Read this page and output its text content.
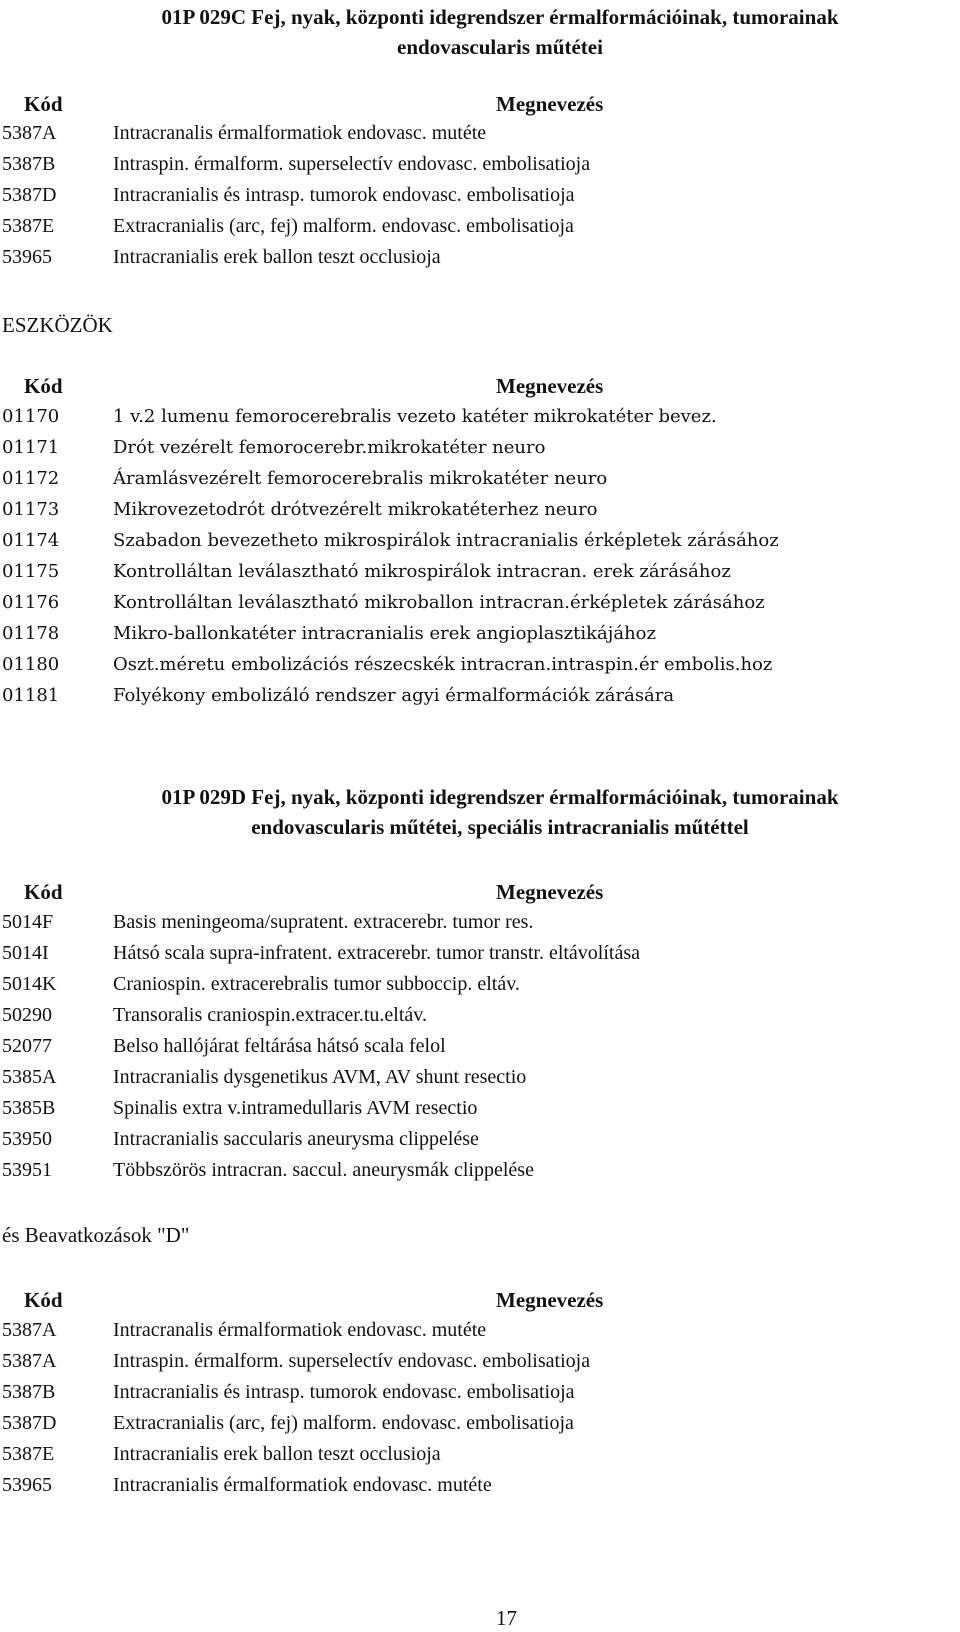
01P 029C Fej, nyak, központi idegrendszer érmalformációinak, tumorainak
endovascularis műtétei
Kód	Megnevezés
5387A	Intracranalis érmalformatiok endovasc. mutéte
5387B	Intraspin. érmalform. superselectív endovasc. embolisatioja
5387D	Intracranialis és intrasp. tumorok endovasc. embolisatioja
5387E	Extracranialis (arc, fej) malform. endovasc. embolisatioja
53965	Intracranialis erek ballon teszt occlusioja
ESZKÖZÖK
Kód	Megnevezés
01170	1 v.2 lumenu femorocerebralis vezeto katéter mikrokatéter bevez.
01171	Drót vezérelt femorocerebr.mikrokatéter neuro
01172	Áramlásvezérelt femorocerebralis mikrokatéter neuro
01173	Mikrovezetodrót drótvezérelt mikrokatéterhez neuro
01174	Szabadon bevezetheto mikrospirálok intracranialis érképletek zárásához
01175	Kontrolláltan leválasztható mikrospirálok intracran. erek zárásához
01176	Kontrolláltan leválasztható mikroballon intracran.érképletek zárásához
01178	Mikro-ballonkatéter intracranialis erek angioplasztikájához
01180	Oszt.méretu embolizációs részecskék intracran.intraspin.ér embolis.hoz
01181	Folyékony embolizáló rendszer agyi érmalformációk zárására
01P 029D Fej, nyak, központi idegrendszer érmalformációinak, tumorainak
endovascularis műtétei, speciális intracranialis műtéttel
Kód	Megnevezés
5014F	Basis meningeoma/supratent. extracerebr. tumor res.
5014I	Hátsó scala supra-infratent. extracerebr. tumor transtr. eltávolítása
5014K	Craniospin. extracerebralis tumor subboccip. eltáv.
50290	Transoralis craniospin.extracer.tu.eltáv.
52077	Belso hallójárat feltárása hátsó scala felol
5385A	Intracranialis dysgenetikus AVM, AV shunt resectio
5385B	Spinalis extra v.intramedullaris AVM resectio
53950	Intracranialis saccularis aneurysma clippelése
53951	Többszörös intracran. saccul. aneurysmák clippelése
és Beavatkozások "D"
Kód	Megnevezés
5387A	Intracranalis érmalformatiok endovasc. mutéte
5387A	Intraspin. érmalform. superselectív endovasc. embolisatioja
5387B	Intracranialis és intrasp. tumorok endovasc. embolisatioja
5387D	Extracranialis (arc, fej) malform. endovasc. embolisatioja
5387E	Intracranialis erek ballon teszt occlusioja
53965	Intracranialis érmalformatiok endovasc. mutéte
17
